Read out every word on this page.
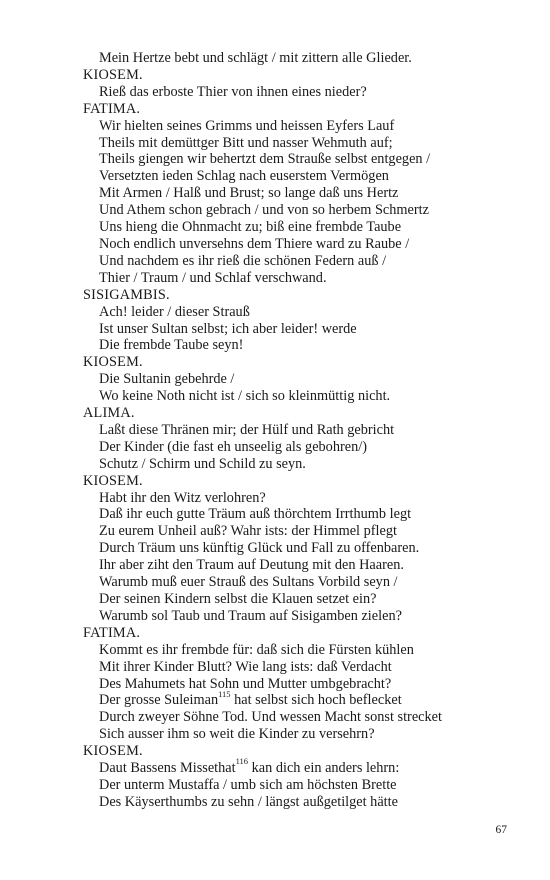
Mein Hertze bebt und schlägt / mit zittern alle Glieder.
KIOSEM.
Rieß das erboste Thier von ihnen eines nieder?
FATIMA.
Wir hielten seines Grimms und heissen Eyfers Lauf
Theils mit demüttger Bitt und nasser Wehmuth auf;
Theils giengen wir behertzt dem Strauße selbst entgegen /
Versetzten ieden Schlag nach euserstem Vermögen
Mit Armen / Halß und Brust; so lange daß uns Hertz
Und Athem schon gebrach / und von so herbem Schmertz
Uns hieng die Ohnmacht zu; biß eine frembde Taube
Noch endlich unversehns dem Thiere ward zu Raube /
Und nachdem es ihr rieß die schönen Federn auß /
Thier / Traum / und Schlaf verschwand.
SISIGAMBIS.
Ach! leider / dieser Strauß
Ist unser Sultan selbst; ich aber leider! werde
Die frembde Taube seyn!
KIOSEM.
Die Sultanin gebehrde /
Wo keine Noth nicht ist / sich so kleinmüttig nicht.
ALIMA.
Laßt diese Thränen mir; der Hülf und Rath gebricht
Der Kinder (die fast eh unseelig als gebohren/)
Schutz / Schirm und Schild zu seyn.
KIOSEM.
Habt ihr den Witz verlohren?
Daß ihr euch gutte Träum auß thörchtem Irrthumb legt
Zu eurem Unheil auß? Wahr ists: der Himmel pflegt
Durch Träum uns künftig Glück und Fall zu offenbaren.
Ihr aber ziht den Traum auf Deutung mit den Haaren.
Warumb muß euer Strauß des Sultans Vorbild seyn /
Der seinen Kindern selbst die Klauen setzet ein?
Warumb sol Taub und Traum auf Sisigamben zielen?
FATIMA.
Kommt es ihr frembde für: daß sich die Fürsten kühlen
Mit ihrer Kinder Blutt? Wie lang ists: daß Verdacht
Des Mahumets hat Sohn und Mutter umbgebracht?
Der grosse Suleiman$^{115}$ hat selbst sich hoch beflecket
Durch zweyer Söhne Tod. Und wessen Macht sonst strecket
Sich ausser ihm so weit die Kinder zu versehrn?
KIOSEM.
Daut Bassens Missethat$^{116}$ kan dich ein anders lehrn:
Der unterm Mustaffa / umb sich am höchsten Brette
Des Käyserthumbs zu sehn / längst außgetilget hätte
67
